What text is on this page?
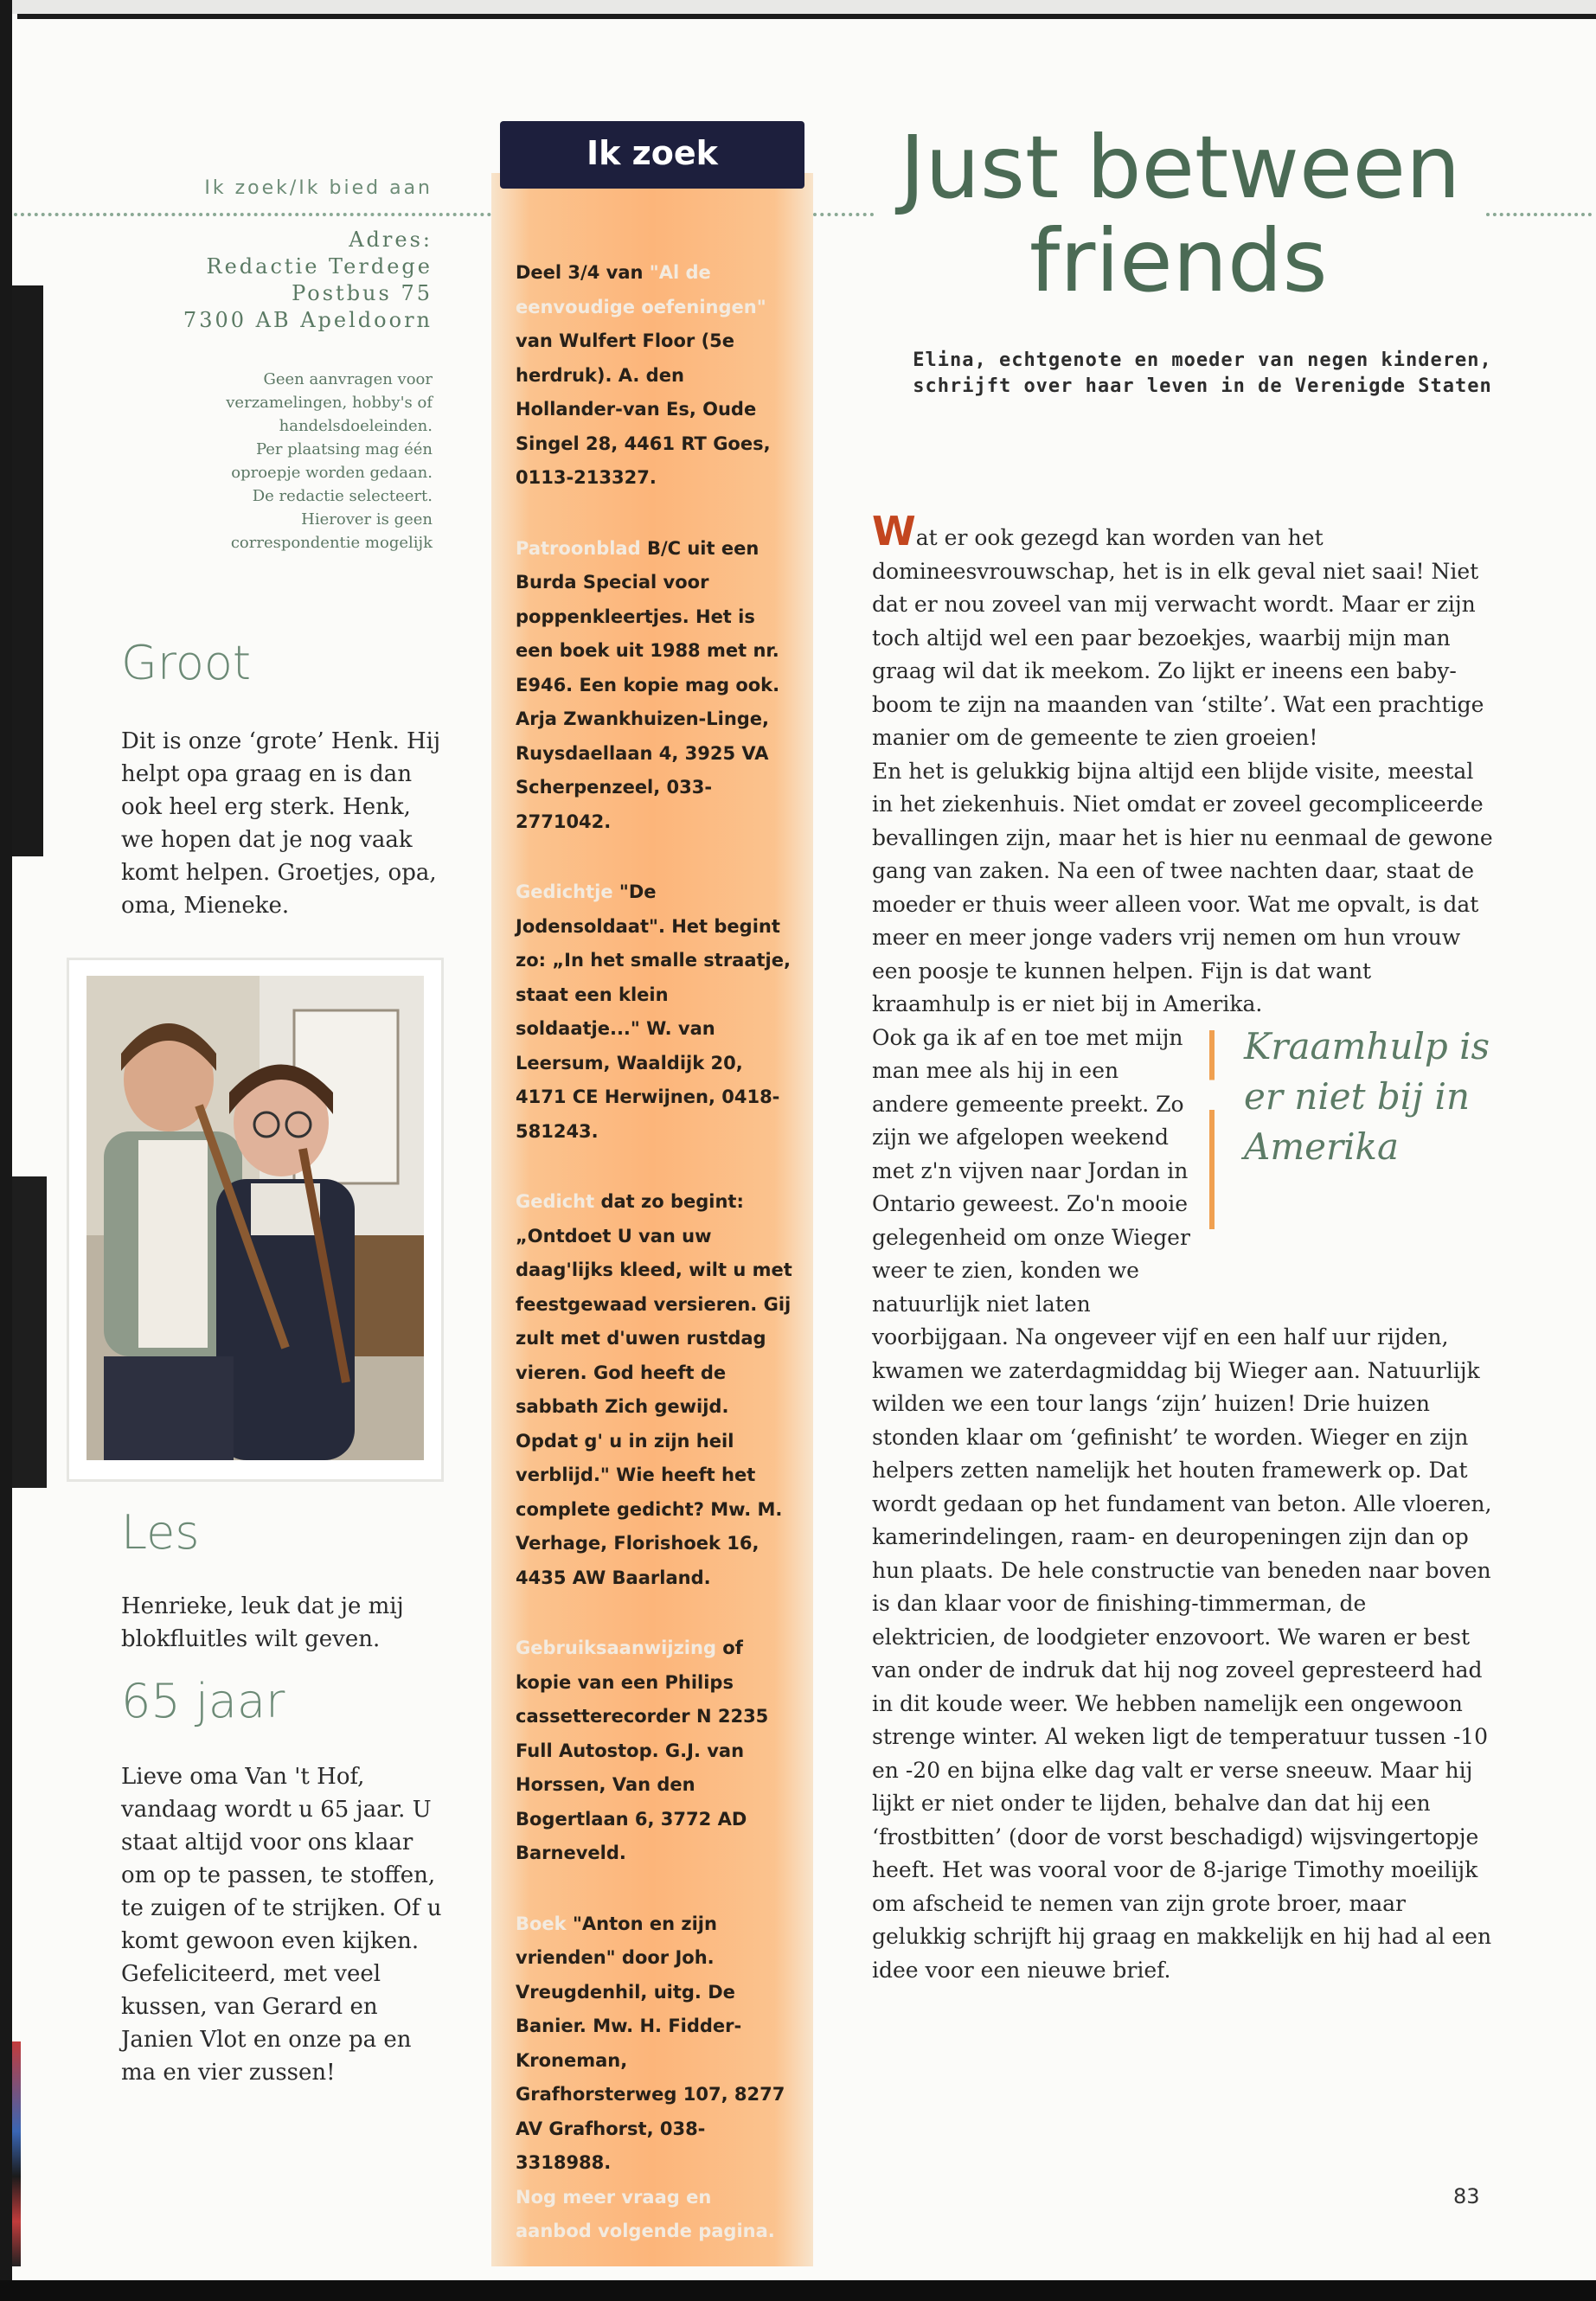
Ik zoek/Ik bied aan
Adres:
Redactie Terdege
Postbus 75
7300 AB Apeldoorn
Geen aanvragen voor
verzamelingen, hobby's of
handelsdoeleinden.
Per plaatsing mag één
oproepje worden gedaan.
De redactie selecteert.
Hierover is geen
correspondentie mogelijk
Groot
Dit is onze ‘grote’ Henk. Hij helpt opa graag en is dan ook heel erg sterk. Henk, we hopen dat je nog vaak komt helpen. Groetjes, opa, oma, Mieneke.
Les
Henrieke, leuk dat je mij blokfluitles wilt geven.
65 jaar
Lieve oma Van 't Hof, vandaag wordt u 65 jaar. U staat altijd voor ons klaar om op te passen, te stoffen, te zuigen of te strijken. Of u komt gewoon even kijken. Gefeliciteerd, met veel kussen, van Gerard en Janien Vlot en onze pa en ma en vier zussen!
Ik zoek
Deel 3/4 van "Al de eenvoudige oefeningen" van Wulfert Floor (5e herdruk). A. den Hollander-van Es, Oude Singel 28, 4461 RT Goes, 0113-213327.
Patroonblad B/C uit een Burda Special voor poppenkleertjes. Het is een boek uit 1988 met nr. E946. Een kopie mag ook. Arja Zwankhuizen-Linge, Ruysdaellaan 4, 3925 VA Scherpenzeel, 033-2771042.
Gedichtje "De Jodensoldaat". Het begint zo: „In het smalle straatje, staat een klein soldaatje..." W. van Leersum, Waaldijk 20, 4171 CE Herwijnen, 0418-581243.
Gedicht dat zo begint: „Ontdoet U van uw daag'lijks kleed, wilt u met feestgewaad versieren. Gij zult met d'uwen rustdag vieren. God heeft de sabbath Zich gewijd. Opdat g' u in zijn heil verblijd." Wie heeft het complete gedicht? Mw. M. Verhage, Florishoek 16, 4435 AW Baarland.
Gebruiksaanwijzing of kopie van een Philips cassetterecorder N 2235 Full Autostop. G.J. van Horssen, Van den Bogertlaan 6, 3772 AD Barneveld.
Boek "Anton en zijn vrienden" door Joh. Vreugdenhil, uitg. De Banier. Mw. H. Fidder-Kroneman, Grafhorsterweg 107, 8277 AV Grafhorst, 038-3318988.
Nog meer vraag en aanbod volgende pagina.
Just between
friends
Elina, echtgenote en moeder van negen kinderen, schrijft over haar leven in de Verenigde Staten

Wat er ook gezegd kan worden van het domineesvrouwschap, het is in elk geval niet saai! Niet dat er nou zoveel van mij verwacht wordt. Maar er zijn toch altijd wel een paar bezoekjes, waarbij mijn man graag wil dat ik meekom. Zo lijkt er ineens een baby-boom te zijn na maanden van ‘stilte’. Wat een prachtige manier om de gemeente te zien groeien!

En het is gelukkig bijna altijd een blijde visite, meestal in het ziekenhuis. Niet omdat er zoveel gecompliceerde bevallingen zijn, maar het is hier nu eenmaal de gewone gang van zaken. Na een of twee nachten daar, staat de moeder er thuis weer alleen voor. Wat me opvalt, is dat meer en meer jonge vaders vrij nemen om hun vrouw een poosje te kunnen helpen. Fijn is dat want kraamhulp is er niet bij in Amerika.

Kraamhulp is er niet bij in Amerika

Ook ga ik af en toe met mijn man mee als hij in een andere gemeente preekt. Zo zijn we afgelopen weekend met z'n vijven naar Jordan in Ontario geweest. Zo'n mooie gelegenheid om onze Wieger weer te zien, konden we natuurlijk niet laten voorbijgaan. Na ongeveer vijf en een half uur rijden, kwamen we zaterdagmiddag bij Wieger aan. Natuurlijk wilden we een tour langs ‘zijn’ huizen! Drie huizen stonden klaar om ‘gefinisht’ te worden. Wieger en zijn helpers zetten namelijk het houten framewerk op. Dat wordt gedaan op het fundament van beton. Alle vloeren, kamerindelingen, raam- en deuropeningen zijn dan op hun plaats. De hele constructie van beneden naar boven is dan klaar voor de finishing-timmerman, de elektricien, de loodgieter enzovoort. We waren er best van onder de indruk dat hij nog zoveel gepresteerd had in dit koude weer. We hebben namelijk een ongewoon strenge winter. Al weken ligt de temperatuur tussen -10 en -20 en bijna elke dag valt er verse sneeuw. Maar hij lijkt er niet onder te lijden, behalve dan dat hij een ‘frostbitten’ (door de vorst beschadigd) wijsvingertopje heeft. Het was vooral voor de 8-jarige Timothy moeilijk om afscheid te nemen van zijn grote broer, maar gelukkig schrijft hij graag en makkelijk en hij had al een idee voor een nieuwe brief.

83
